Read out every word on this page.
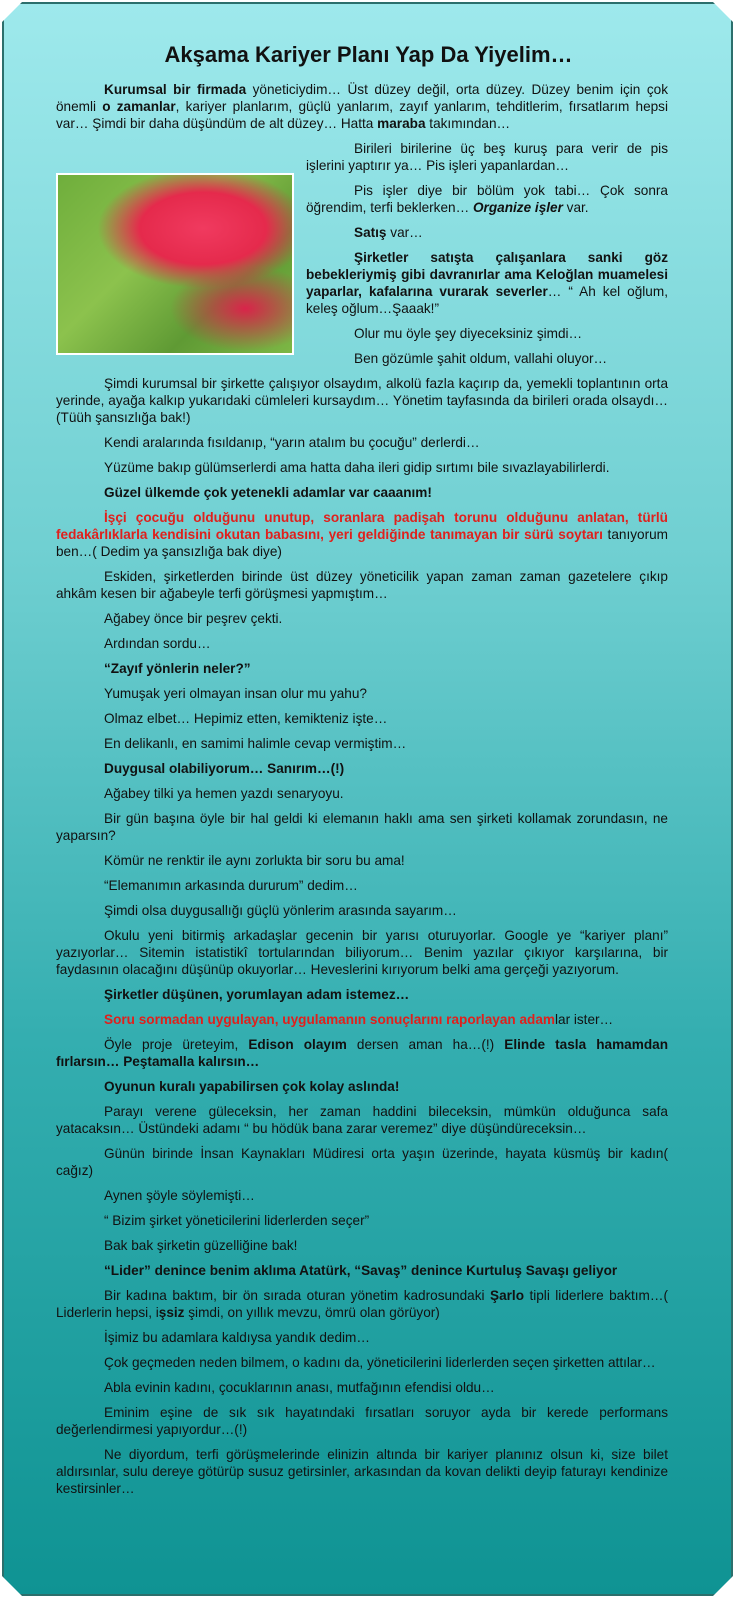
Akşama Kariyer Planı Yap Da Yiyelim…

Kurumsal bir firmada yöneticiydim… Üst düzey değil, orta düzey. Düzey benim için çok önemli o zamanlar, kariyer planlarım, güçlü yanlarım, zayıf yanlarım, tehditlerim, fırsatlarım hepsi var… Şimdi bir daha düşündüm de alt düzey… Hatta maraba takımından…

Birileri birilerine üç beş kuruş para verir de pis işlerini yaptırır ya… Pis işleri yapanlardan…

Pis işler diye bir bölüm yok tabi… Çok sonra öğrendim, terfi beklerken… Organize işler var.

Satış var…

Şirketler satışta çalışanlara sanki göz bebekleriymiş gibi davranırlar ama Keloğlan muamelesi yaparlar, kafalarına vurarak severler… “ Ah kel oğlum, keleş oğlum…Şaaak!”

Olur mu öyle şey diyeceksiniz şimdi…

Ben gözümle şahit oldum, vallahi oluyor…

Şimdi kurumsal bir şirkette çalışıyor olsaydım, alkolü fazla kaçırıp da, yemekli toplantının orta yerinde, ayağa kalkıp yukarıdaki cümleleri kursaydım… Yönetim tayfasında da birileri orada olsaydı… (Tüüh şansızlığa bak!)

Kendi aralarında fısıldanıp, “yarın atalım bu çocuğu” derlerdi…

Yüzüme bakıp gülümserlerdi ama hatta daha ileri gidip sırtımı bile sıvazlayabilirlerdi.

Güzel ülkemde çok yetenekli adamlar var caaanım!

İşçi çocuğu olduğunu unutup, soranlara padişah torunu olduğunu anlatan, türlü fedakârlıklarla kendisini okutan babasını, yeri geldiğinde tanımayan bir sürü soytarı tanıyorum ben…( Dedim ya şansızlığa bak diye)

Eskiden, şirketlerden birinde üst düzey yöneticilik yapan zaman zaman gazetelere çıkıp ahkâm kesen bir ağabeyle terfi görüşmesi yapmıştım…

Ağabey önce bir peşrev çekti.

Ardından sordu…

“Zayıf yönlerin neler?”

Yumuşak yeri olmayan insan olur mu yahu?

Olmaz elbet… Hepimiz etten, kemikteniz işte…

En delikanlı, en samimi halimle cevap vermiştim…

Duygusal olabiliyorum… Sanırım…(!)

Ağabey tilki ya hemen yazdı senaryoyu.

Bir gün başına öyle bir hal geldi ki elemanın haklı ama sen şirketi kollamak zorundasın, ne yaparsın?

Kömür ne renktir ile aynı zorlukta bir soru bu ama!

“Elemanımın arkasında dururum” dedim…

Şimdi olsa duygusallığı güçlü yönlerim arasında sayarım…

Okulu yeni bitirmiş arkadaşlar gecenin bir yarısı oturuyorlar. Google ye “kariyer planı” yazıyorlar… Sitemin istatistikî tortularından biliyorum… Benim yazılar çıkıyor karşılarına, bir faydasının olacağını düşünüp okuyorlar… Heveslerini kırıyorum belki ama gerçeği yazıyorum.

Şirketler düşünen, yorumlayan adam istemez…

Soru sormadan uygulayan, uygulamanın sonuçlarını raporlayan adamlar ister…

Öyle proje üreteyim, Edison olayım dersen aman ha…(!) Elinde tasla hamamdan fırlarsın… Peştamalla kalırsın…

Oyunun kuralı yapabilirsen çok kolay aslında!

Parayı verene güleceksin, her zaman haddini bileceksin, mümkün olduğunca safa yatacaksın… Üstündeki adamı “ bu hödük bana zarar veremez” diye düşündüreceksin…

Günün birinde İnsan Kaynakları Müdiresi orta yaşın üzerinde, hayata küsmüş bir kadın( cağız)

Aynen şöyle söylemişti…

“ Bizim şirket yöneticilerini liderlerden seçer”

Bak bak şirketin güzelliğine bak!

“Lider” denince benim aklıma Atatürk, “Savaş” denince Kurtuluş Savaşı geliyor

Bir kadına baktım, bir ön sırada oturan yönetim kadrosundaki Şarlo tipli liderlere baktım…( Liderlerin hepsi, işsiz şimdi, on yıllık mevzu, ömrü olan görüyor)

İşimiz bu adamlara kaldıysa yandık dedim…

Çok geçmeden neden bilmem, o kadını da, yöneticilerini liderlerden seçen şirketten attılar…

Abla evinin kadını, çocuklarının anası, mutfağının efendisi oldu…

Eminim eşine de sık sık hayatındaki fırsatları soruyor ayda bir kerede performans değerlendirmesi yapıyordur…(!)

Ne diyordum, terfi görüşmelerinde elinizin altında bir kariyer planınız olsun ki, size bilet aldırsınlar, sulu dereye götürüp susuz getirsinler, arkasından da kovan delikti deyip faturayı kendinize kestirsinler…
